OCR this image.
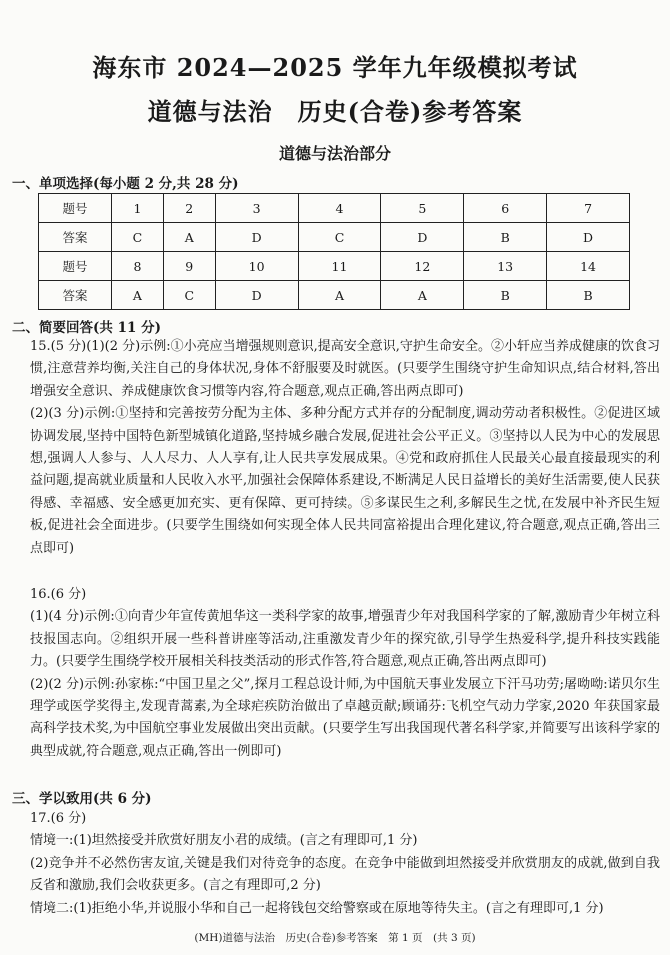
海东市 2024—2025 学年九年级模拟考试
道德与法治　历史(合卷)参考答案
道德与法治部分
一、单项选择(每小题 2 分,共 28 分)
题号	1	2	3	4	5	6	7
答案	C	A	D	C	D	B	D
题号	8	9	10	11	12	13	14
答案	A	C	D	A	A	B	B
二、简要回答(共 11 分)

15.(5 分)(1)(2 分)示例:①小亮应当增强规则意识,提高安全意识,守护生命安全。②小轩应当养成健康的饮食习惯,注意营养均衡,关注自己的身体状况,身体不舒服要及时就医。(只要学生围绕守护生命知识点,结合材料,答出增强安全意识、养成健康饮食习惯等内容,符合题意,观点正确,答出两点即可)

(2)(3 分)示例:①坚持和完善按劳分配为主体、多种分配方式并存的分配制度,调动劳动者积极性。②促进区域协调发展,坚持中国特色新型城镇化道路,坚持城乡融合发展,促进社会公平正义。③坚持以人民为中心的发展思想,强调人人参与、人人尽力、人人享有,让人民共享发展成果。④党和政府抓住人民最关心最直接最现实的利益问题,提高就业质量和人民收入水平,加强社会保障体系建设,不断满足人民日益增长的美好生活需要,使人民获得感、幸福感、安全感更加充实、更有保障、更可持续。⑤多谋民生之利,多解民生之忧,在发展中补齐民生短板,促进社会全面进步。(只要学生围绕如何实现全体人民共同富裕提出合理化建议,符合题意,观点正确,答出三点即可)

16.(6 分)

(1)(4 分)示例:①向青少年宣传黄旭华这一类科学家的故事,增强青少年对我国科学家的了解,激励青少年树立科技报国志向。②组织开展一些科普讲座等活动,注重激发青少年的探究欲,引导学生热爱科学,提升科技实践能力。(只要学生围绕学校开展相关科技类活动的形式作答,符合题意,观点正确,答出两点即可)

(2)(2 分)示例:孙家栋:“中国卫星之父”,探月工程总设计师,为中国航天事业发展立下汗马功劳;屠呦呦:诺贝尔生理学或医学奖得主,发现青蒿素,为全球疟疾防治做出了卓越贡献;顾诵芬:飞机空气动力学家,2020 年获国家最高科学技术奖,为中国航空事业发展做出突出贡献。(只要学生写出我国现代著名科学家,并简要写出该科学家的典型成就,符合题意,观点正确,答出一例即可)

三、学以致用(共 6 分)

17.(6 分)

情境一:(1)坦然接受并欣赏好朋友小君的成绩。(言之有理即可,1 分)

(2)竞争并不必然伤害友谊,关键是我们对待竞争的态度。在竞争中能做到坦然接受并欣赏朋友的成就,做到自我反省和激励,我们会收获更多。(言之有理即可,2 分)

情境二:(1)拒绝小华,并说服小华和自己一起将钱包交给警察或在原地等待失主。(言之有理即可,1 分)

(MH)道德与法治　历史(合卷)参考答案　第 1 页　(共 3 页)
